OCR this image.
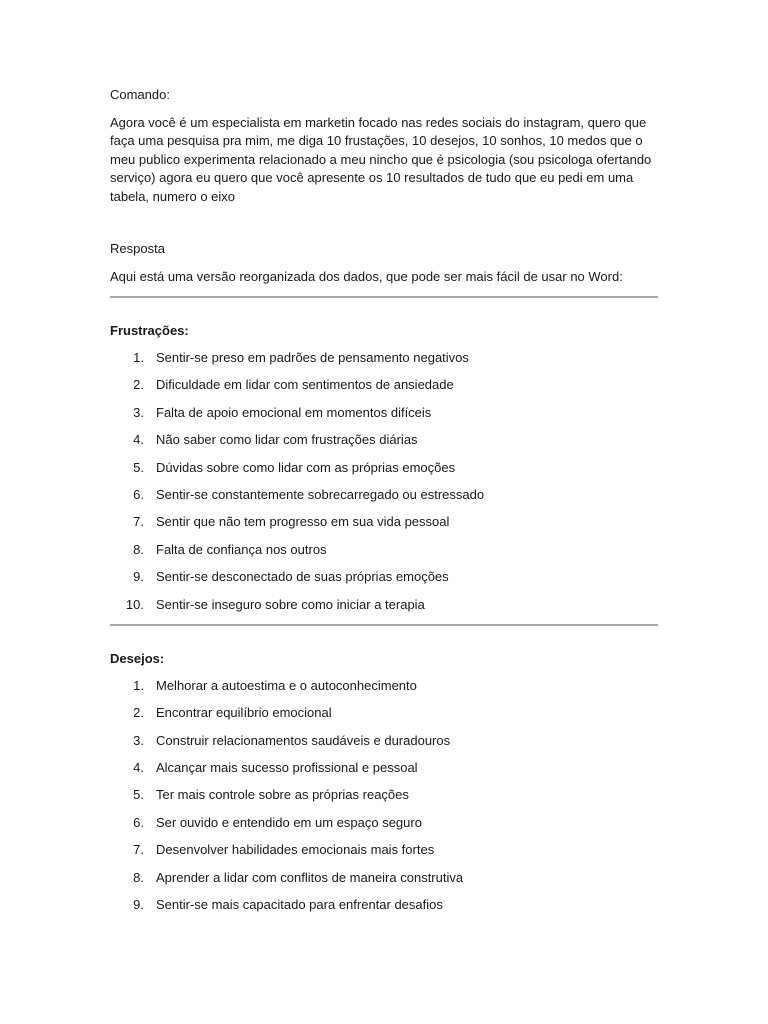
Comando:

Agora você é um especialista em marketin focado nas redes sociais do instagram, quero que faça uma pesquisa pra mim, me diga 10 frustações, 10 desejos, 10 sonhos, 10 medos que o meu publico experimenta relacionado a meu nincho que é psicologia (sou psicologa ofertando serviço) agora eu quero que você apresente os 10 resultados de tudo que eu pedi em uma tabela, numero o eixo

Resposta

Aqui está uma versão reorganizada dos dados, que pode ser mais fácil de usar no Word:

Frustrações:
1. Sentir-se preso em padrões de pensamento negativos
2. Dificuldade em lidar com sentimentos de ansiedade
3. Falta de apoio emocional em momentos difíceis
4. Não saber como lidar com frustrações diárias
5. Dúvidas sobre como lidar com as próprias emoções
6. Sentir-se constantemente sobrecarregado ou estressado
7. Sentir que não tem progresso em sua vida pessoal
8. Falta de confiança nos outros
9. Sentir-se desconectado de suas próprias emoções
10. Sentir-se inseguro sobre como iniciar a terapia
Desejos:
1. Melhorar a autoestima e o autoconhecimento
2. Encontrar equilíbrio emocional
3. Construir relacionamentos saudáveis e duradouros
4. Alcançar mais sucesso profissional e pessoal
5. Ter mais controle sobre as próprias reações
6. Ser ouvido e entendido em um espaço seguro
7. Desenvolver habilidades emocionais mais fortes
8. Aprender a lidar com conflitos de maneira construtiva
9. Sentir-se mais capacitado para enfrentar desafios
